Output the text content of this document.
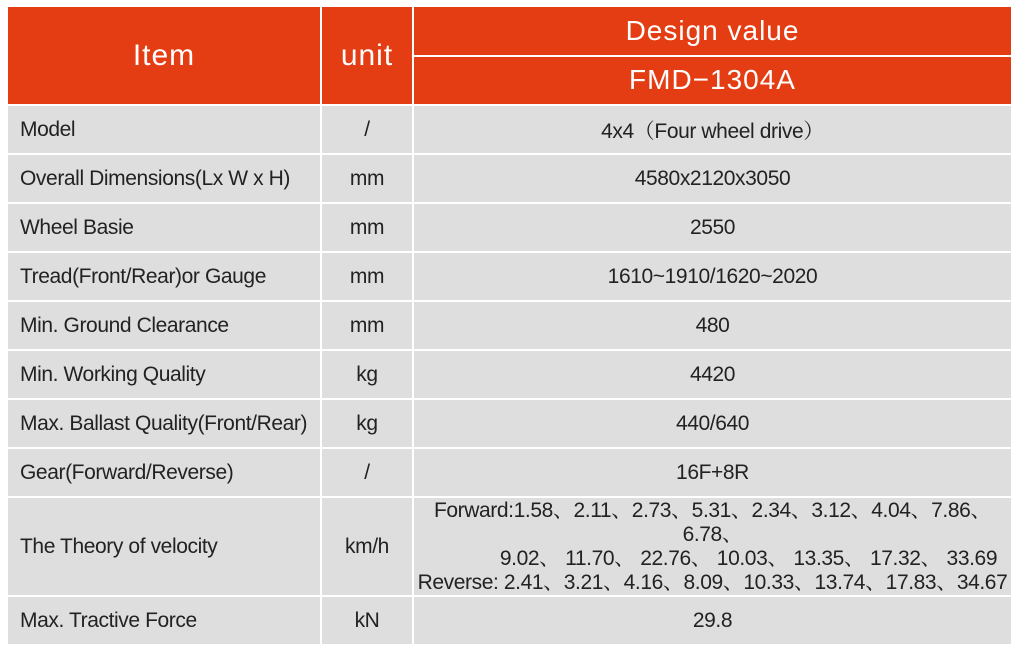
Item	unit	Design value
		FMD−1304A
Model	/	4x4（Four wheel drive）
Overall Dimensions(Lx W x H)	mm	4580x2120x3050
Wheel Basie	mm	2550
Tread(Front/Rear)or Gauge	mm	1610~1910/1620~2020
Min. Ground Clearance	mm	480
Min. Working Quality	kg	4420
Max. Ballast Quality(Front/Rear)	kg	440/640
Gear(Forward/Reverse)	/	16F+8R
The Theory of velocity	km/h	Forward:1.58、2.11、2.73、5.31、2.34、3.12、4.04、7.86、6.78、
9.02、 11.70、 22.76、 10.03、 13.35、 17.32、 33.69
Reverse: 2.41、3.21、4.16、8.09、10.33、13.74、17.83、34.67

Max. Tractive Force	kN	29.8
